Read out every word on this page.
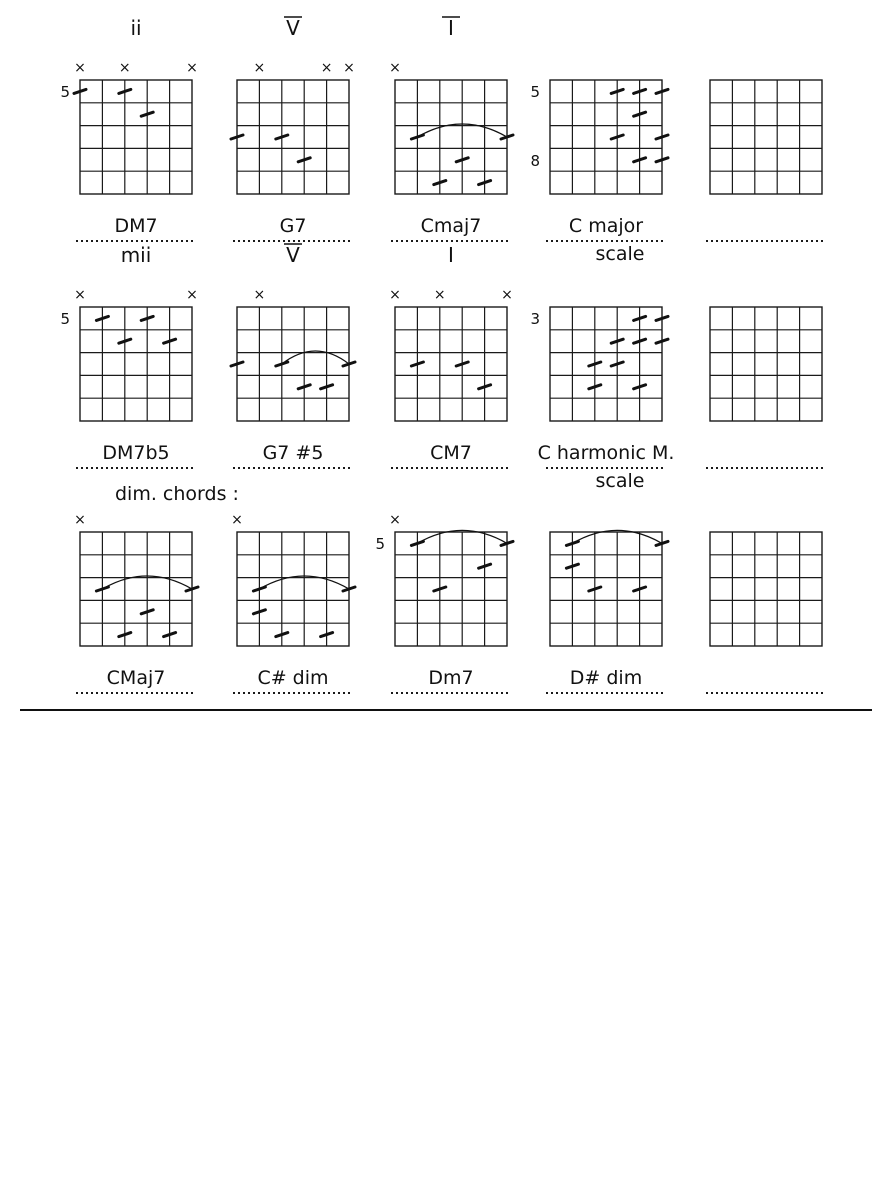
dim. chords :
ii
5
× ×	×
DM7
V
×	× ×
G7
I
×
Cmaj7
5
8
C major
scale
mii
5
×	×
DM7b5
V
×
G7 #5
I
× ×	×
CM7
3
C harmonic M.
scale
×
CMaj7
×
C# dim
5
×
Dm7	D# dim
